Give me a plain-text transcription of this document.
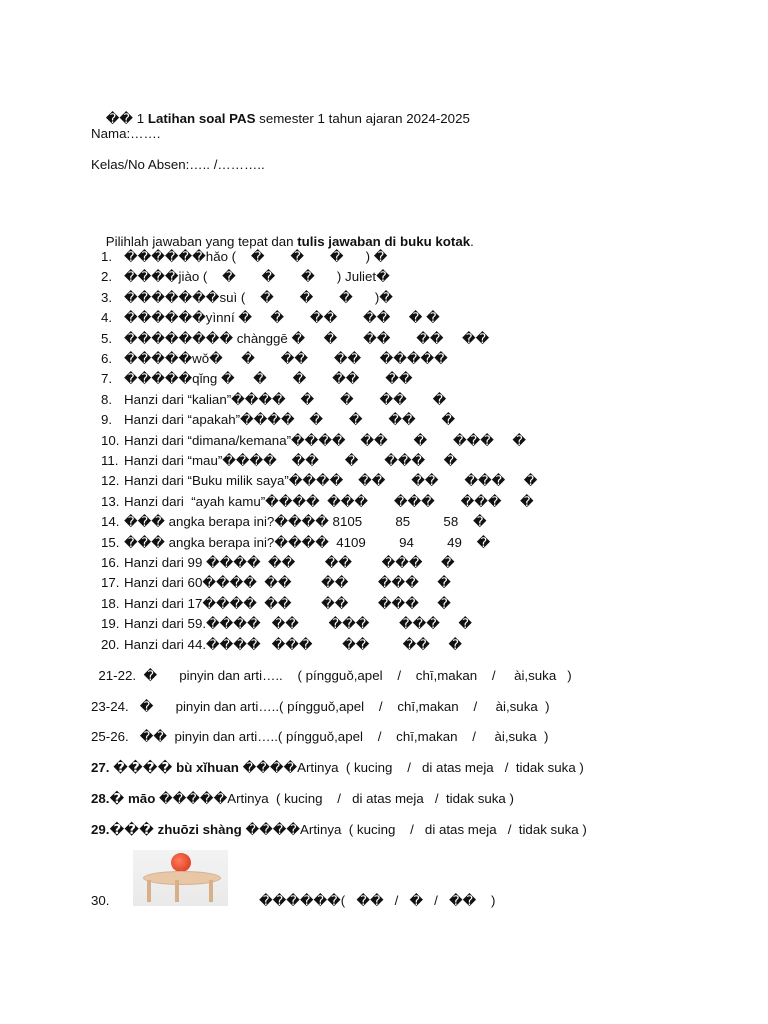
�� 1 Latihan soal PAS semester 1 tahun ajaran 2024-2025

Nama:…….
Kelas/No Absen:….. /………..

Pilihlah jawaban yang tepat dan tulis jawaban di buku kotak.

1. ������hǎo (    �       �       �      ) �
2. ����jiào (    �       �       �      ) Juliet�
3. �������suì (    �       �       �      )�
4. ������yìnní �     �       ��       ��     � �
5. �������� chànggē �     �       ��       ��     ��
6. �����wǒ�     �       ��       ��     �����
7. �����qǐng �     �       �       ��       ��
8. Hanzi dari “kalian”����    �       �       ��       �
9. Hanzi dari “apakah”����    �       �       ��       �
10. Hanzi dari “dimana/kemana”����    ��       �       ���     �
11. Hanzi dari “mau”����    ��       �       ���     �
12. Hanzi dari “Buku milik saya”����    ��       ��       ���     �
13. Hanzi dari  “ayah kamu”����  ���       ���       ���     �
14. ��� angka berapa ini?���� 8105         85         58    �
15. ��� angka berapa ini?����  4109         94         49    �
16. Hanzi dari 99 ����  ��        ��        ���     �
17. Hanzi dari 60����  ��        ��        ���     �
18. Hanzi dari 17����  ��        ��        ���     �
19. Hanzi dari 59.����   ��        ���        ���     �
20. Hanzi dari 44.����   ���        ��         ��     �
21-22.  �      pinyin dan arti…..    ( píngguǒ,apel    /    chī,makan    /     ài,suka   )
23-24.   �      pinyin dan arti…..( píngguǒ,apel    /    chī,makan    /     ài,suka  )
25-26.   ��  pinyin dan arti…..( píngguǒ,apel    /    chī,makan    /     ài,suka  )
27. ���� bù xǐhuan ����Artinya  ( kucing    /   di atas meja   /  tidak suka )
28.� māo �����Artinya  ( kucing    /   di atas meja   /  tidak suka )
29.��� zhuōzi shàng ����Artinya  ( kucing    /   di atas meja   /  tidak suka )
30.	������(   ��   /   �   /   ��    )
